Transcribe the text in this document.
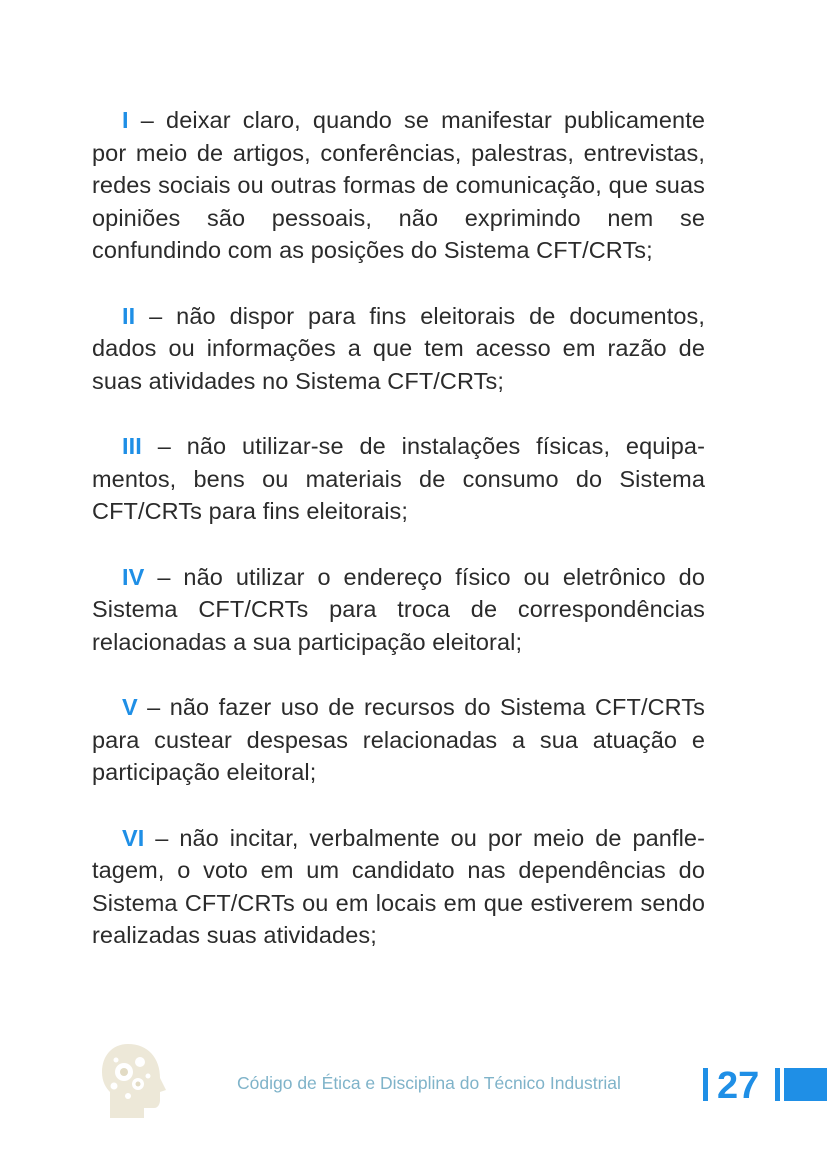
I – deixar claro, quando se manifestar publicamente por meio de artigos, conferências, palestras, entrevistas, redes sociais ou outras formas de comunicação, que suas opiniões são pessoais, não exprimindo nem se confundindo com as posições do Sistema CFT/CRTs;

II – não dispor para fins eleitorais de documentos, dados ou informações a que tem acesso em razão de suas atividades no Sistema CFT/CRTs;

III – não utilizar-se de instalações físicas, equipa-mentos, bens ou materiais de consumo do Sistema CFT/CRTs para fins eleitorais;

IV – não utilizar o endereço físico ou eletrônico do Sistema CFT/CRTs para troca de correspondências relacionadas a sua participação eleitoral;

V – não fazer uso de recursos do Sistema CFT/CRTs para custear despesas relacionadas a sua atuação e participação eleitoral;

VI – não incitar, verbalmente ou por meio de panfle-tagem, o voto em um candidato nas dependências do Sistema CFT/CRTs ou em locais em que estiverem sendo realizadas suas atividades;

Código de Ética e Disciplina do Técnico Industrial	27
